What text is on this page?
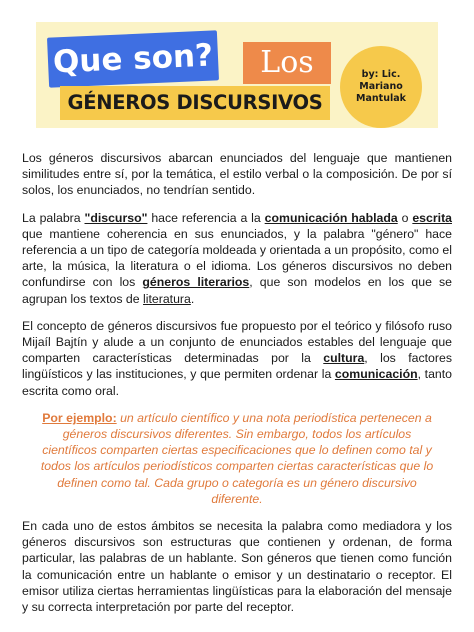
Que son?	Los
GÉNEROS DISCURSIVOS
by: Lic.
Mariano
Mantulak

Los géneros discursivos abarcan enunciados del lenguaje que mantienen similitudes entre sí, por la temática, el estilo verbal o la composición. De por sí solos, los enunciados, no tendrían sentido.

La palabra "discurso" hace referencia a la comunicación hablada o escrita que mantiene coherencia en sus enunciados, y la palabra "género" hace referencia a un tipo de categoría moldeada y orientada a un propósito, como el arte, la música, la literatura o el idioma. Los géneros discursivos no deben confundirse con los géneros literarios, que son modelos en los que se agrupan los textos de literatura.

El concepto de géneros discursivos fue propuesto por el teórico y filósofo ruso Mijaíl Bajtín y alude a un conjunto de enunciados estables del lenguaje que comparten características determinadas por la cultura, los factores lingüísticos y las instituciones, y que permiten ordenar la comunicación, tanto escrita como oral.

Por ejemplo: un artículo científico y una nota periodística pertenecen a géneros discursivos diferentes. Sin embargo, todos los artículos científicos comparten ciertas especificaciones que lo definen como tal y todos los artículos periodísticos comparten ciertas características que lo definen como tal. Cada grupo o categoría es un género discursivo diferente.

En cada uno de estos ámbitos se necesita la palabra como mediadora y los géneros discursivos son estructuras que contienen y ordenan, de forma particular, las palabras de un hablante. Son géneros que tienen como función la comunicación entre un hablante o emisor y un destinatario o receptor. El emisor utiliza ciertas herramientas lingüísticas para la elaboración del mensaje y su correcta interpretación por parte del receptor.
